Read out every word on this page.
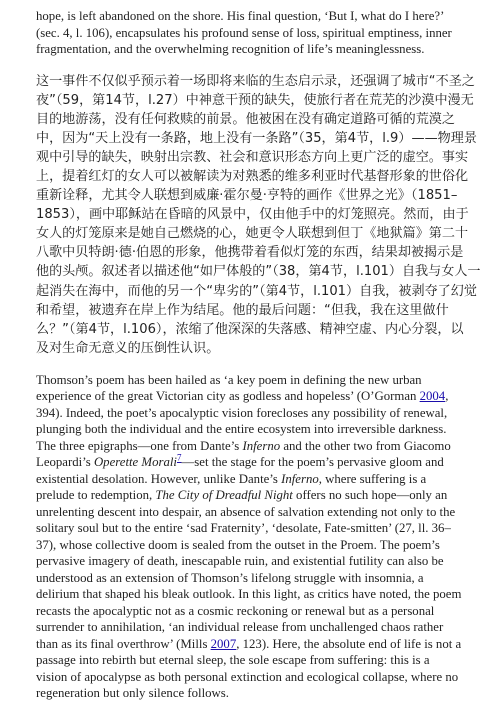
hope, is left abandoned on the shore. His final question, ‘But I, what do I here?’
(sec. 4, l. 106), encapsulates his profound sense of loss, spiritual emptiness, inner
fragmentation, and the overwhelming recognition of life’s meaninglessness.
这一事件不仅似乎预示着一场即将来临的生态启示录，还强调了城市“不圣之
夜”（59，第14节，l.27）中神意干预的缺失，使旅行者在荒芜的沙漠中漫无
目的地游荡，没有任何救赎的前景。他被困在没有确定道路可循的荒漠之
中，因为“天上没有一条路，地上没有一条路”（35，第4节，l.9）——物理景
观中引导的缺失，映射出宗教、社会和意识形态方向上更广泛的虚空。事实
上，提着红灯的女人可以被解读为对熟悉的维多利亚时代基督形象的世俗化
重新诠释，尤其令人联想到威廉·霍尔曼·亨特的画作《世界之光》（1851–
1853），画中耶稣站在昏暗的风景中，仅由他手中的灯笼照亮。然而，由于
女人的灯笼原来是她自己燃烧的心，她更令人联想到但丁《地狱篇》第二十
八歌中贝特朗·德·伯恩的形象，他携带着看似灯笼的东西，结果却被揭示是
他的头颅。叙述者以描述他“如尸体般的”（38，第4节，l.101）自我与女人一
起消失在海中，而他的另一个“卑劣的”（第4节，l.101）自我，被剥夺了幻觉
和希望，被遗弃在岸上作为结尾。他的最后问题：“但我，我在这里做什
么？”（第4节，l.106），浓缩了他深深的失落感、精神空虚、内心分裂，以
及对生命无意义的压倒性认识。
Thomson’s poem has been hailed as ‘a key poem in defining the new urban
experience of the great Victorian city as godless and hopeless’ (O’Gorman 2004,
394). Indeed, the poet’s apocalyptic vision forecloses any possibility of renewal,
plunging both the individual and the entire ecosystem into irreversible darkness.
The three epigraphs—one from Dante’s Inferno and the other two from Giacomo
Leopardi’s Operette Morali$^7$—set the stage for the poem’s pervasive gloom and
existential desolation. However, unlike Dante’s Inferno, where suffering is a
prelude to redemption, The City of Dreadful Night offers no such hope—only an
unrelenting descent into despair, an absence of salvation extending not only to the
solitary soul but to the entire ‘sad Fraternity’, ‘desolate, Fate-smitten’ (27, ll. 36–
37), whose collective doom is sealed from the outset in the Proem. The poem’s
pervasive imagery of death, inescapable ruin, and existential futility can also be
understood as an extension of Thomson’s lifelong struggle with insomnia, a
delirium that shaped his bleak outlook. In this light, as critics have noted, the poem
recasts the apocalyptic not as a cosmic reckoning or renewal but as a personal
surrender to annihilation, ‘an individual release from unchallenged chaos rather
than as its final overthrow’ (Mills 2007, 123). Here, the absolute end of life is not a
passage into rebirth but eternal sleep, the sole escape from suffering: this is a
vision of apocalypse as both personal extinction and ecological collapse, where no
regeneration but only silence follows.
